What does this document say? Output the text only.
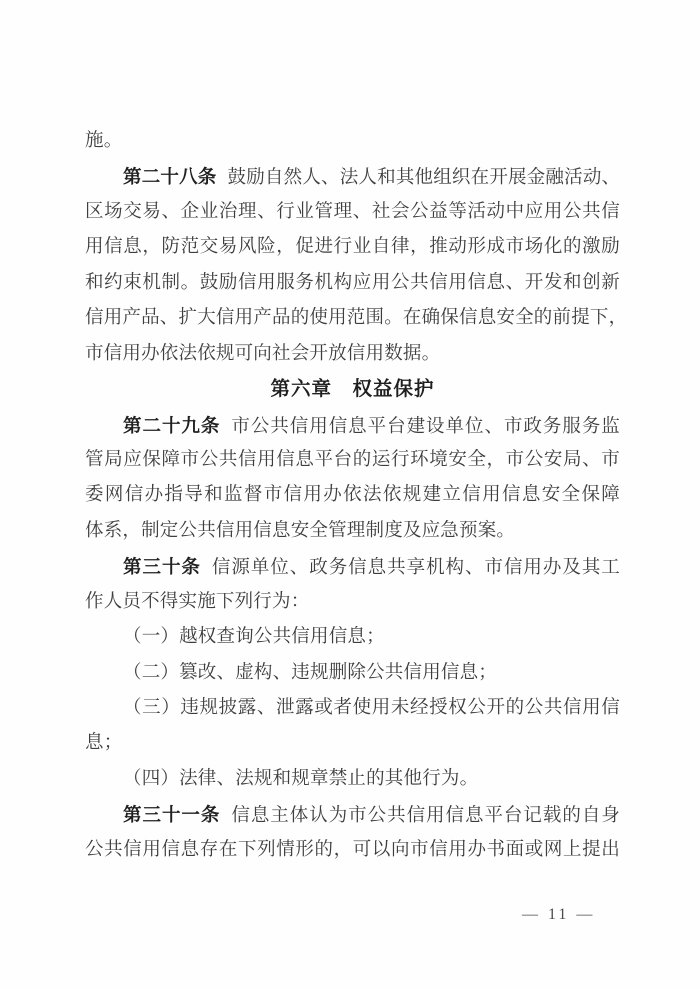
施。
第二十八条 鼓励自然人、法人和其他组织在开展金融活动、
区场交易、企业治理、行业管理、社会公益等活动中应用公共信
用信息，防范交易风险，促进行业自律，推动形成市场化的激励
和约束机制。鼓励信用服务机构应用公共信用信息、开发和创新
信用产品、扩大信用产品的使用范围。在确保信息安全的前提下，
市信用办依法依规可向社会开放信用数据。
第六章　权益保护
第二十九条 市公共信用信息平台建设单位、市政务服务监
管局应保障市公共信用信息平台的运行环境安全，市公安局、市
委网信办指导和监督市信用办依法依规建立信用信息安全保障
体系，制定公共信用信息安全管理制度及应急预案。
第三十条 信源单位、政务信息共享机构、市信用办及其工
作人员不得实施下列行为：
（一）越权查询公共信用信息；
（二）篡改、虚构、违规删除公共信用信息；
（三）违规披露、泄露或者使用未经授权公开的公共信用信
息；
（四）法律、法规和规章禁止的其他行为。
第三十一条 信息主体认为市公共信用信息平台记载的自身
公共信用信息存在下列情形的，可以向市信用办书面或网上提出
— 11 —
